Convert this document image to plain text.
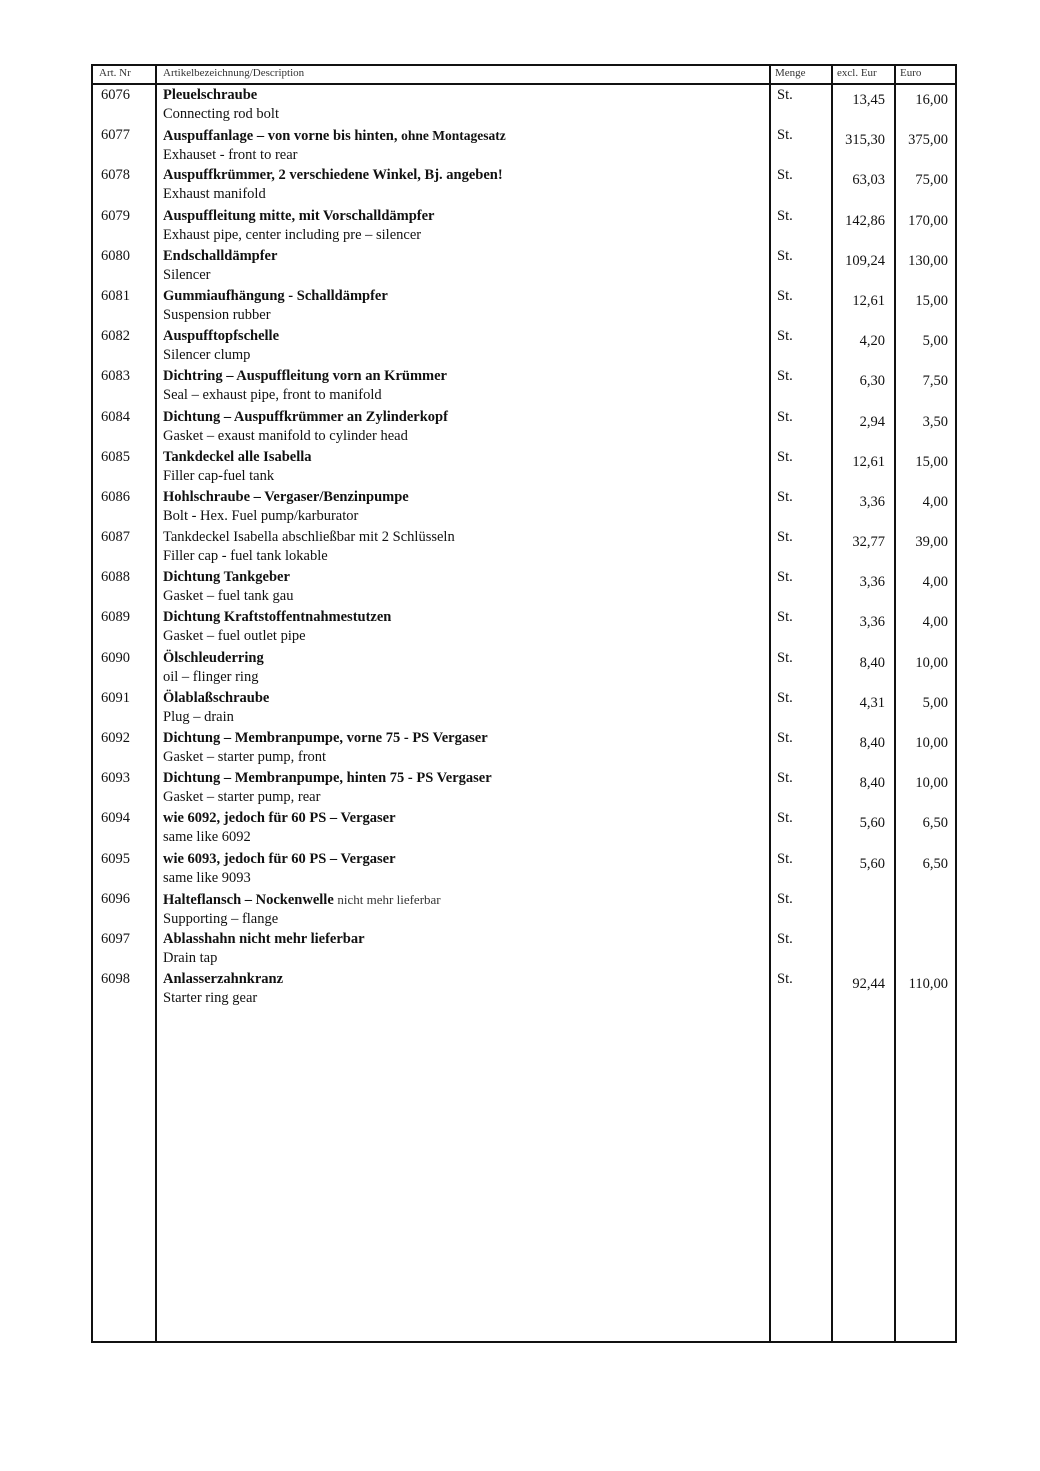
Art. Nr	Artikelbezeichnung/Description	Menge	excl. Eur Euro
6076 Pleuelschraube
Connecting rod bolt
St.	13,45 16,00
6077 Auspuffanlage – von vorne bis hinten, ohne Montagesatz
Exhauset - front to rear
St.	315,30 375,00
6078 Auspuffkrümmer, 2 verschiedene Winkel, Bj. angeben!
Exhaust manifold
St.	63,03 75,00
6079 Auspuffleitung mitte, mit Vorschalldämpfer
Exhaust pipe, center including pre – silencer
St.	142,86 170,00
6080 Endschalldämpfer
Silencer
St.	109,24 130,00
6081 Gummiaufhängung - Schalldämpfer
Suspension rubber
St.	12,61 15,00
6082 Auspufftopfschelle
Silencer clump
St.	4,20	5,00
6083 Dichtring – Auspuffleitung vorn an Krümmer
Seal – exhaust pipe, front to manifold
St.	6,30	7,50
6084 Dichtung – Auspuffkrümmer an Zylinderkopf
Gasket – exaust manifold to cylinder head
St.	2,94	3,50
6085 Tankdeckel alle Isabella
Filler cap-fuel tank
St.	12,61 15,00
6086 Hohlschraube – Vergaser/Benzinpumpe
Bolt - Hex. Fuel pump/karburator
St.	3,36	4,00
6087 Tankdeckel Isabella abschließbar mit 2 Schlüsseln
Filler cap - fuel tank lokable
St.	32,77 39,00
6088 Dichtung Tankgeber
Gasket – fuel tank gau
St.	3,36	4,00
6089 Dichtung Kraftstoffentnahmestutzen
Gasket – fuel outlet pipe
St.	3,36	4,00
6090 Ölschleuderring
oil – flinger ring
St.	8,40 10,00
6091 Ölablaßschraube
Plug – drain
St.	4,31	5,00
6092 Dichtung – Membranpumpe, vorne 75 - PS Vergaser
Gasket – starter pump, front
St.	8,40 10,00
6093 Dichtung – Membranpumpe, hinten 75 - PS Vergaser
Gasket – starter pump, rear
St.	8,40 10,00
6094 wie 6092, jedoch für 60 PS – Vergaser
same like 6092
St.	5,60	6,50
6095 wie 6093, jedoch für 60 PS – Vergaser
same like 9093
St.	5,60	6,50
6096 Halteflansch – Nockenwelle nicht mehr lieferbar
Supporting – flange
St.
6097 Ablasshahn nicht mehr lieferbar
Drain tap
St.
6098 Anlasserzahnkranz
Starter ring gear
St.	92,44 110,00
